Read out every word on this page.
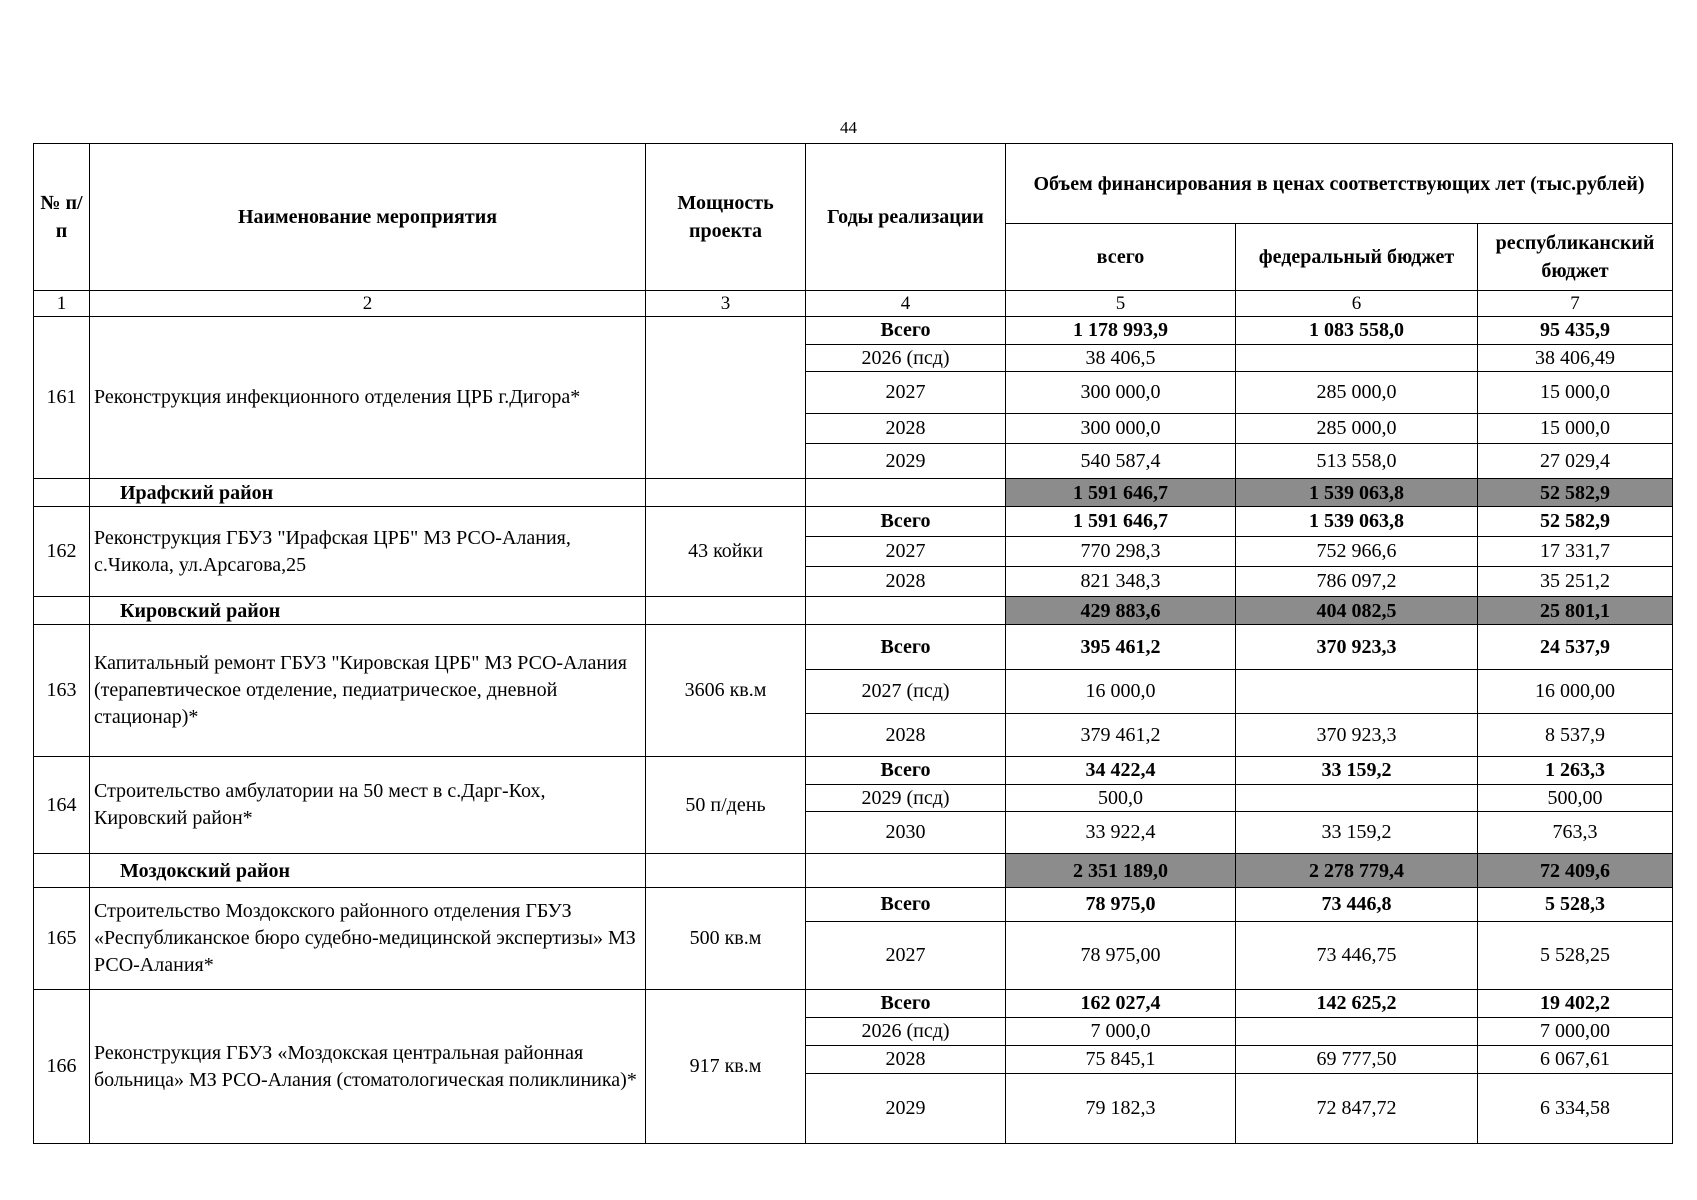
44
№ п/п	Наименование мероприятия	Мощность проекта	Годы реализации	Объем финансирования в ценах соответствующих лет (тыс.рублей)		
				всего	федеральный бюджет	республиканский бюджет
1	2	3	4	5	6	7
161	Реконструкция инфекционного отделения ЦРБ г.Дигора*		Всего	1 178 993,9	1 083 558,0	95 435,9
			2026 (псд)	38 406,5		38 406,49
			2027	300 000,0	285 000,0	15 000,0
			2028	300 000,0	285 000,0	15 000,0
			2029	540 587,4	513 558,0	27 029,4
	Ирафский район			1 591 646,7	1 539 063,8	52 582,9
162	Реконструкция ГБУЗ "Ирафская ЦРБ" МЗ РСО-Алания, с.Чикола, ул.Арсагова,25	43 койки	Всего	1 591 646,7	1 539 063,8	52 582,9
			2027	770 298,3	752 966,6	17 331,7
			2028	821 348,3	786 097,2	35 251,2
	Кировский район			429 883,6	404 082,5	25 801,1
163	Капитальный ремонт ГБУЗ "Кировская ЦРБ" МЗ РСО-Алания (терапевтическое отделение, педиатрическое, дневной стационар)*	3606 кв.м	Всего	395 461,2	370 923,3	24 537,9
			2027 (псд)	16 000,0		16 000,00
			2028	379 461,2	370 923,3	8 537,9
164	Строительство амбулатории на 50 мест в с.Дарг-Кох, Кировский район*	50 п/день	Всего	34 422,4	33 159,2	1 263,3
			2029 (псд)	500,0		500,00
			2030	33 922,4	33 159,2	763,3
	Моздокский район			2 351 189,0	2 278 779,4	72 409,6
165	Строительство Моздокского районного отделения ГБУЗ «Республиканское бюро судебно-медицинской экспертизы» МЗ РСО-Алания*	500 кв.м	Всего	78 975,0	73 446,8	5 528,3
			2027	78 975,00	73 446,75	5 528,25
166	Реконструкция ГБУЗ «Моздокская центральная районная больница» МЗ РСО-Алания (стоматологическая поликлиника)*	917 кв.м	Всего	162 027,4	142 625,2	19 402,2
			2026 (псд)	7 000,0		7 000,00
			2028	75 845,1	69 777,50	6 067,61
			2029	79 182,3	72 847,72	6 334,58
